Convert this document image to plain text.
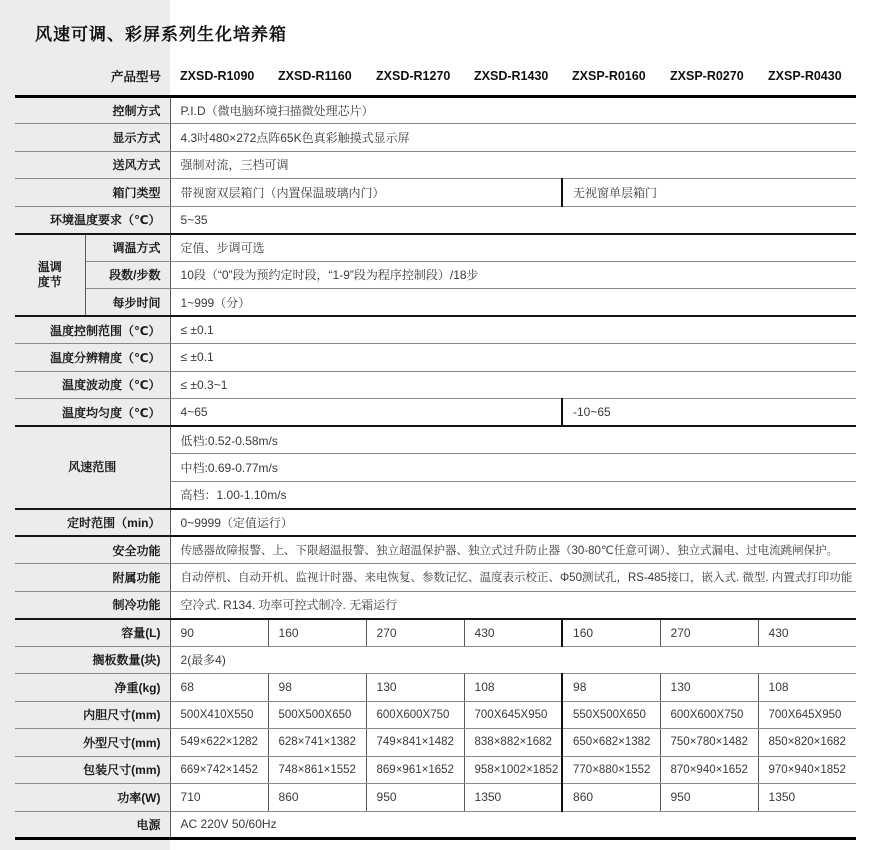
风速可调、彩屏系列生化培养箱
产品型号		ZXSD-R1090	ZXSD-R1160	ZXSD-R1270	ZXSD-R1430	ZXSP-R0160	ZXSP-R0270	ZXSP-R0430
控制方式		P.I.D（微电脑环境扫描微处理芯片）						
显示方式		4.3吋480×272点阵65K色真彩触摸式显示屏						
送风方式		强制对流，三档可调						
箱门类型		带视窗双层箱门（内置保温玻璃内门）				无视窗单层箱门		
环境温度要求（℃）		5~35						
温调
度节	调温方式	定值、步调可选						
	段数/步数	10段（“0”段为预约定时段，“1-9”段为程序控制段）/18步						
	每步时间	1~999（分）						
温度控制范围（℃）		≤ ±0.1						
温度分辨精度（℃）		≤ ±0.1						
温度波动度（℃）		≤ ±0.3~1						
温度均匀度（℃）		4~65				-10~65		
风速范围		低档:0.52-0.58m/s						
		中档:0.69-0.77m/s						
		高档：1.00-1.10m/s						
定时范围（min）		0~9999（定值运行）						
安全功能		传感器故障报警、上、下限超温报警、独立超温保护器、独立式过升防止器（30-80℃任意可调）、独立式漏电、过电流跳闸保护。						
附属功能		自动停机、自动开机、监视计时器、来电恢复、参数记忆、温度表示校正、Φ50测试孔，RS-485接口，嵌入式. 微型. 内置式打印功能						
制冷功能		空冷式. R134. 功率可控式制冷. 无霜运行						
容量(L)		90	160	270	430	160	270	430
搁板数量(块)		2(最多4)						
净重(kg)		68	98	130	108	98	130	108
内胆尺寸(mm)		500X410X550	500X500X650	600X600X750	700X645X950	550X500X650	600X600X750	700X645X950
外型尺寸(mm)		549×622×1282	628×741×1382	749×841×1482	838×882×1682	650×682×1382	750×780×1482	850×820×1682
包装尺寸(mm)		669×742×1452	748×861×1552	869×961×1652	958×1002×1852	770×880×1552	870×940×1652	970×940×1852
功率(W)		710	860	950	1350	860	950	1350
电源		AC 220V 50/60Hz						
